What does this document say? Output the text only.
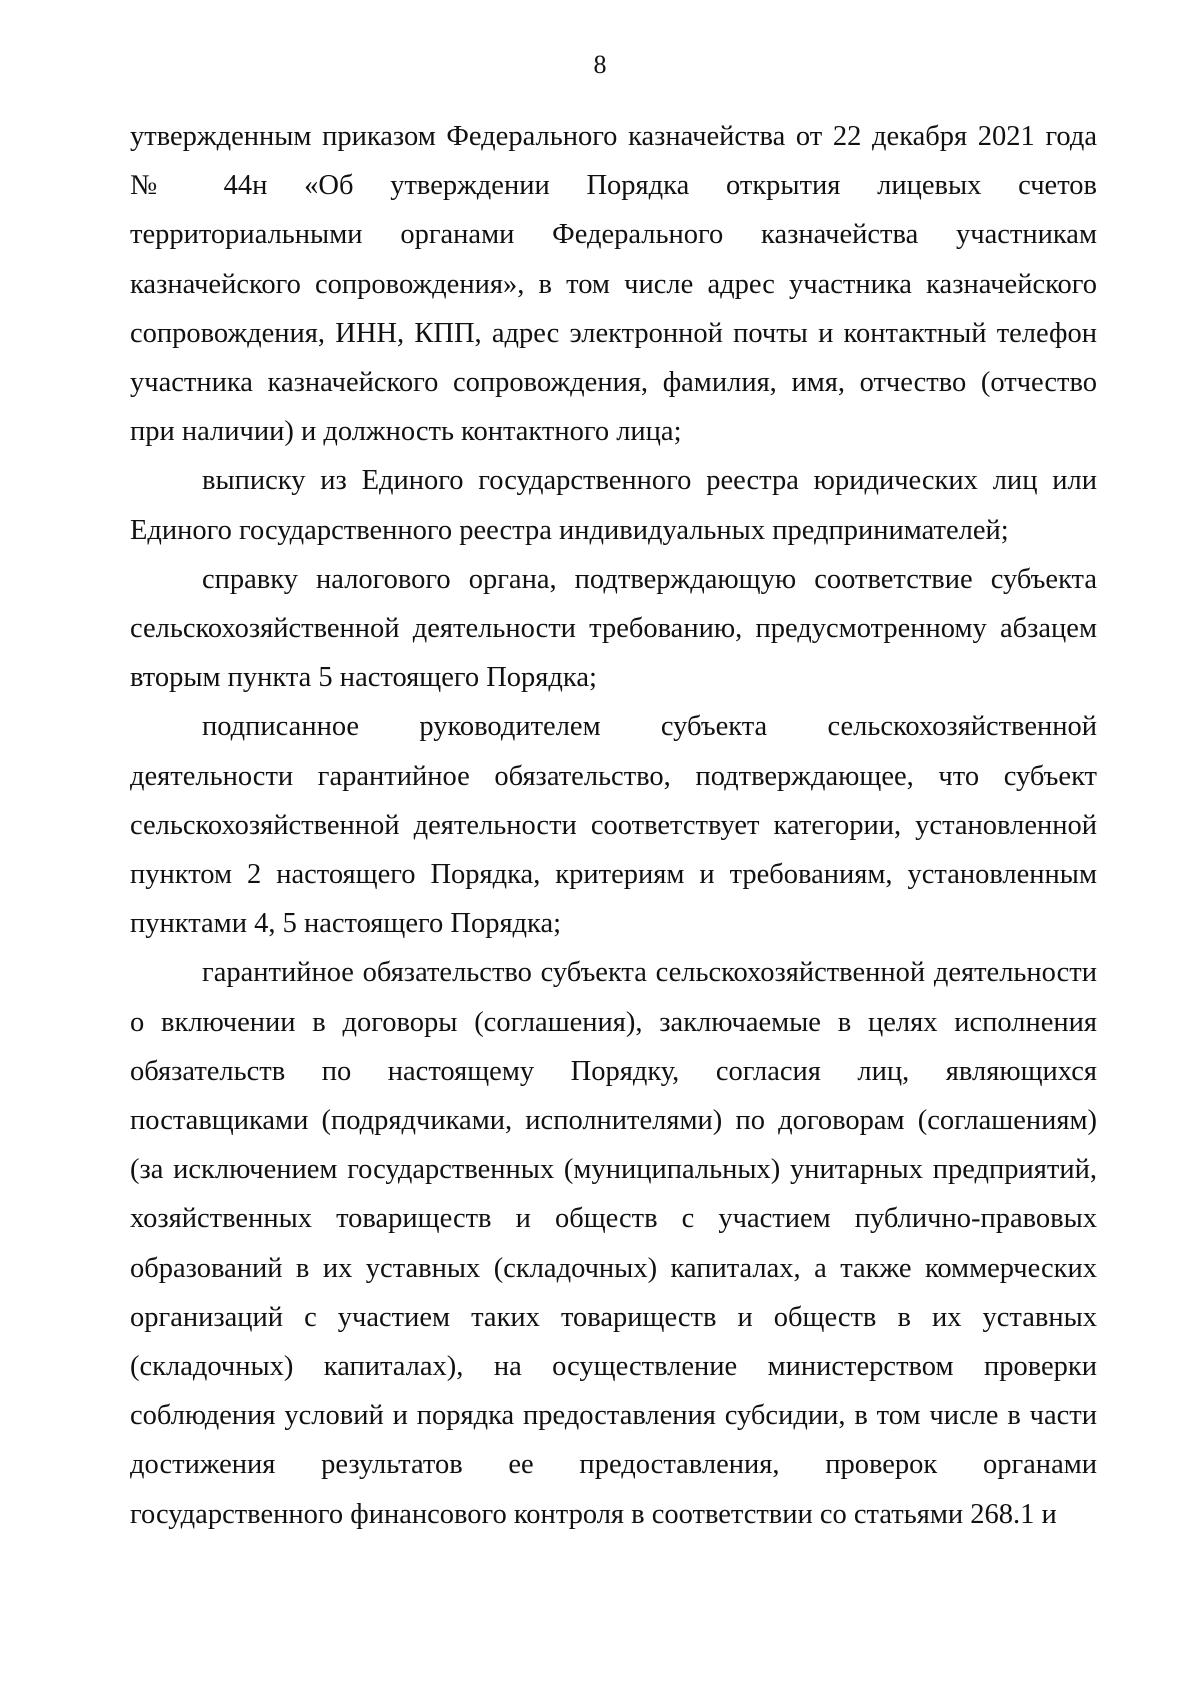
8

утвержденным приказом Федерального казначейства от 22 декабря 2021 года № 44н «Об утверждении Порядка открытия лицевых счетов территориальными органами Федерального казначейства участникам казначейского сопровождения», в том числе адрес участника казначейского сопровождения, ИНН, КПП, адрес электронной почты и контактный телефон участника казначейского сопровождения, фамилия, имя, отчество (отчество при наличии) и должность контактного лица;

выписку из Единого государственного реестра юридических лиц или Единого государственного реестра индивидуальных предпринимателей;

справку налогового органа, подтверждающую соответствие субъекта сельскохозяйственной деятельности требованию, предусмотренному абзацем вторым пункта 5 настоящего Порядка;

подписанное руководителем субъекта сельскохозяйственной деятельности гарантийное обязательство, подтверждающее, что субъект сельскохозяйственной деятельности соответствует категории, установленной пунктом 2 настоящего Порядка, критериям и требованиям, установленным пунктами 4, 5 настоящего Порядка;

гарантийное обязательство субъекта сельскохозяйственной деятельности о включении в договоры (соглашения), заключаемые в целях исполнения обязательств по настоящему Порядку, согласия лиц, являющихся поставщиками (подрядчиками, исполнителями) по договорам (соглашениям) (за исключением государственных (муниципальных) унитарных предприятий, хозяйственных товариществ и обществ с участием публично-правовых образований в их уставных (складочных) капиталах, а также коммерческих организаций с участием таких товариществ и обществ в их уставных (складочных) капиталах), на осуществление министерством проверки соблюдения условий и порядка предоставления субсидии, в том числе в части достижения результатов ее предоставления, проверок органами государственного финансового контроля в соответствии со статьями 268.1 и
